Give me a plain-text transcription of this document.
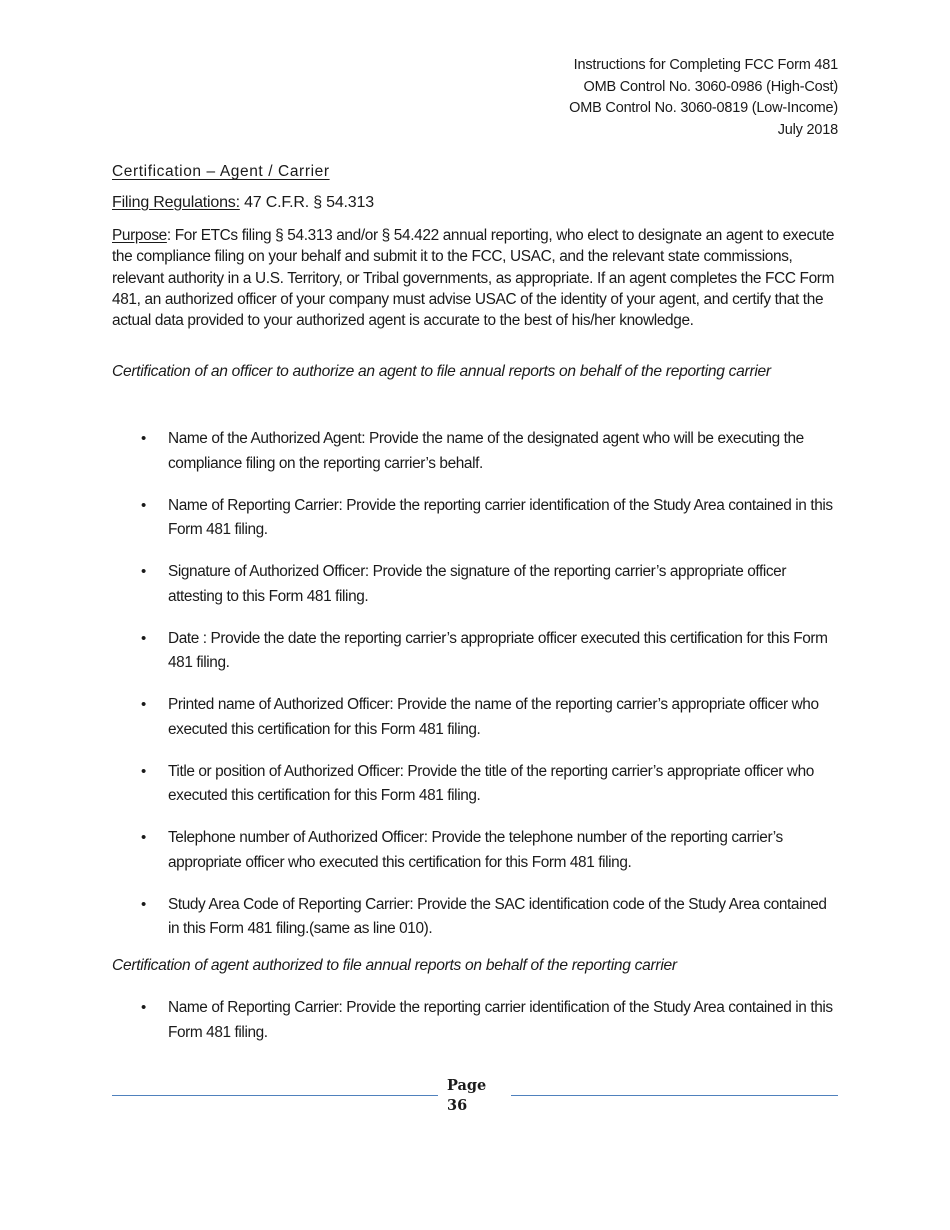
Instructions for Completing FCC Form 481
OMB Control No. 3060-0986 (High-Cost)
OMB Control No. 3060-0819 (Low-Income)
July 2018
Certification – Agent / Carrier
Filing Regulations: 47 C.F.R. § 54.313

Purpose: For ETCs filing § 54.313 and/or § 54.422 annual reporting, who elect to designate an agent to execute the compliance filing on your behalf and submit it to the FCC, USAC, and the relevant state commissions, relevant authority in a U.S. Territory, or Tribal governments, as appropriate. If an agent completes the FCC Form 481, an authorized officer of your company must advise USAC of the identity of your agent, and certify that the actual data provided to your authorized agent is accurate to the best of his/her knowledge.

Certification of an officer to authorize an agent to file annual reports on behalf of the reporting carrier

• Name of the Authorized Agent: Provide the name of the designated agent who will be executing the compliance filing on the reporting carrier’s behalf.
• Name of Reporting Carrier: Provide the reporting carrier identification of the Study Area contained in this Form 481 filing.
• Signature of Authorized Officer: Provide the signature of the reporting carrier’s appropriate officer attesting to this Form 481 filing.
• Date : Provide the date the reporting carrier’s appropriate officer executed this certification for this Form 481 filing.
• Printed name of Authorized Officer: Provide the name of the reporting carrier’s appropriate officer who executed this certification for this Form 481 filing.
• Title or position of Authorized Officer: Provide the title of the reporting carrier’s appropriate officer who executed this certification for this Form 481 filing.
• Telephone number of Authorized Officer: Provide the telephone number of the reporting carrier’s appropriate officer who executed this certification for this Form 481 filing.
• Study Area Code of Reporting Carrier: Provide the SAC identification code of the Study Area contained in this Form 481 filing.(same as line 010).

Certification of agent authorized to file annual reports on behalf of the reporting carrier

• Name of Reporting Carrier: Provide the reporting carrier identification of the Study Area contained in this Form 481 filing.
Page
36
